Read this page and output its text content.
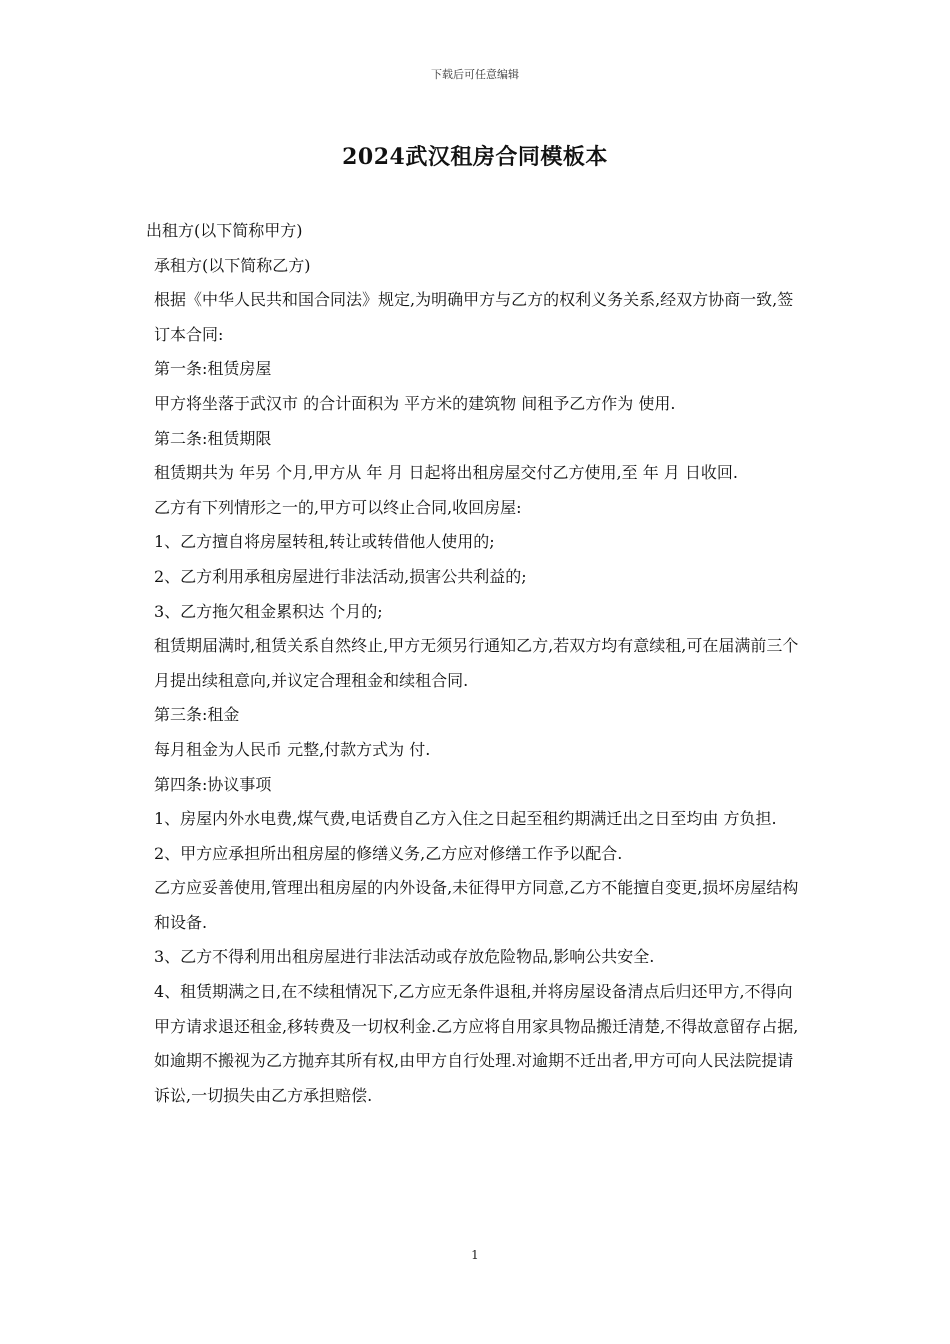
下载后可任意编辑
2024武汉租房合同模板本

出租方(以下简称甲方)

承租方(以下简称乙方)

根据《中华人民共和国合同法》规定,为明确甲方与乙方的权利义务关系,经双方协商一致,签订本合同:

第一条:租赁房屋

甲方将坐落于武汉市 的合计面积为 平方米的建筑物 间租予乙方作为 使用.

第二条:租赁期限

租赁期共为 年另 个月,甲方从 年 月 日起将出租房屋交付乙方使用,至 年 月 日收回.

乙方有下列情形之一的,甲方可以终止合同,收回房屋:

1、乙方擅自将房屋转租,转让或转借他人使用的;

2、乙方利用承租房屋进行非法活动,损害公共利益的;

3、乙方拖欠租金累积达 个月的;

租赁期届满时,租赁关系自然终止,甲方无须另行通知乙方,若双方均有意续租,可在届满前三个月提出续租意向,并议定合理租金和续租合同.

第三条:租金

每月租金为人民币 元整,付款方式为 付.

第四条:协议事项

1、房屋内外水电费,煤气费,电话费自乙方入住之日起至租约期满迁出之日至均由 方负担.

2、甲方应承担所出租房屋的修缮义务,乙方应对修缮工作予以配合.

乙方应妥善使用,管理出租房屋的内外设备,未征得甲方同意,乙方不能擅自变更,损坏房屋结构和设备.

3、乙方不得利用出租房屋进行非法活动或存放危险物品,影响公共安全.

4、租赁期满之日,在不续租情况下,乙方应无条件退租,并将房屋设备清点后归还甲方,不得向甲方请求退还租金,移转费及一切权利金.乙方应将自用家具物品搬迁清楚,不得故意留存占据,如逾期不搬视为乙方抛弃其所有权,由甲方自行处理.对逾期不迁出者,甲方可向人民法院提请诉讼,一切损失由乙方承担赔偿.

1
